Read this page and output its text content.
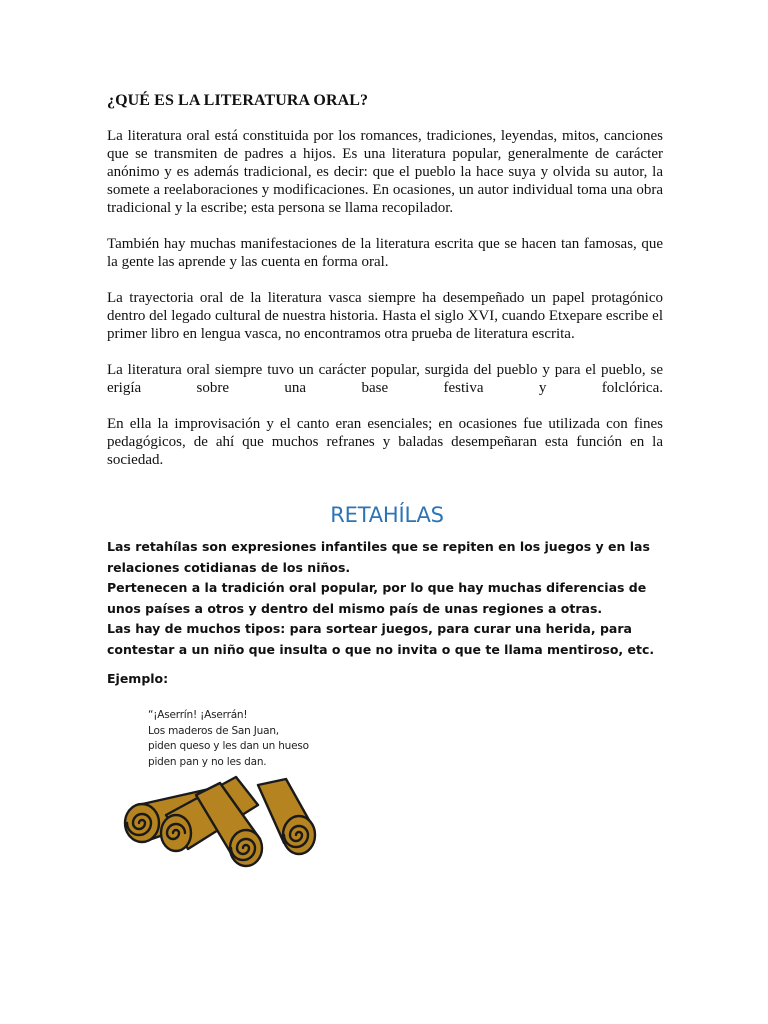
¿QUÉ ES LA LITERATURA ORAL?

La literatura oral está constituida por los romances, tradiciones, leyendas, mitos, canciones que se transmiten de padres a hijos. Es una literatura popular, generalmente de carácter anónimo y es además tradicional, es decir: que el pueblo la hace suya y olvida su autor, la somete a reelaboraciones y modificaciones. En ocasiones, un autor individual toma una obra tradicional y la escribe; esta persona se llama recopilador.

También hay muchas manifestaciones de la literatura escrita que se hacen tan famosas, que la gente las aprende y las cuenta en forma oral.

La trayectoria oral de la literatura vasca siempre ha desempeñado un papel protagónico dentro del legado cultural de nuestra historia. Hasta el siglo XVI, cuando Etxepare escribe el primer libro en lengua vasca, no encontramos otra prueba de literatura escrita.

La literatura oral siempre tuvo un carácter popular, surgida del pueblo y para el pueblo, se erigía sobre una base festiva y folclórica.

En ella la improvisación y el canto eran esenciales; en ocasiones fue utilizada con fines pedagógicos, de ahí que muchos refranes y baladas desempeñaran esta función en la sociedad.

RETAHÍLAS

Las retahílas son expresiones infantiles que se repiten en los juegos y en las relaciones cotidianas de los niños.

Pertenecen a la tradición oral popular, por lo que hay muchas diferencias de unos países a otros y dentro del mismo país de unas regiones a otras.

Las hay de muchos tipos: para sortear juegos, para curar una herida, para contestar a un niño que insulta o que no invita o que te llama mentiroso, etc.

Ejemplo:

“¡Aserrín! ¡Aserrán!
Los maderos de San Juan,
piden queso y les dan un hueso
piden pan y no les dan.
